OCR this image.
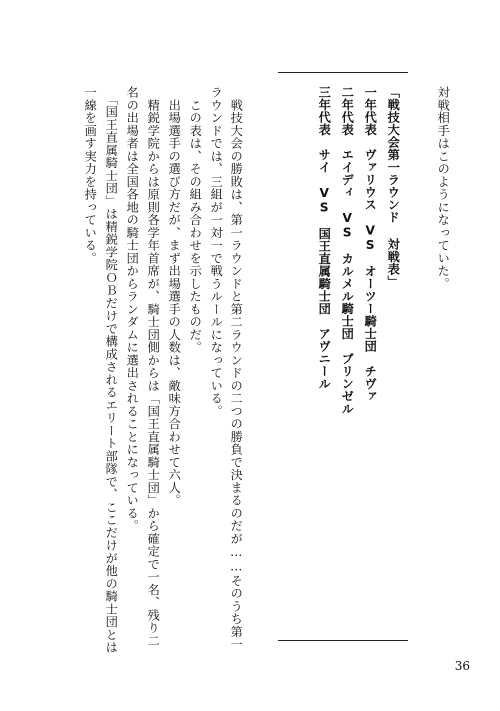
対戦相手はこのようになっていた。
「戦技大会第一ラウンド 対戦表」
一年代表　ヴァリウス　VS　オーツー騎士団　チヴァ
二年代表　エイディ　VS　カルメル騎士団　ブリンゼル
三年代表　サイ　VS　国王直属騎士団　アヴニール
　戦技大会の勝敗は、第一ラウンドと第二ラウンドの二つの勝負で決まるのだが……そのうち第一
ラウンドでは、三組が一対一で戦うルールになっている。
　この表は、その組み合わせを示したものだ。
　出場選手の選び方だが、まず出場選手の人数は、敵味方合わせて六人。
　精鋭学院からは原則各学年首席が、騎士団側からは「国王直属騎士団」から確定で一名、残り二
名の出場者は全国各地の騎士団からランダムに選出されることになっている。
　「国王直属騎士団」は精鋭学院ＯＢだけで構成されるエリート部隊で、ここだけが他の騎士団とは
一線を画す実力を持っている。
36
